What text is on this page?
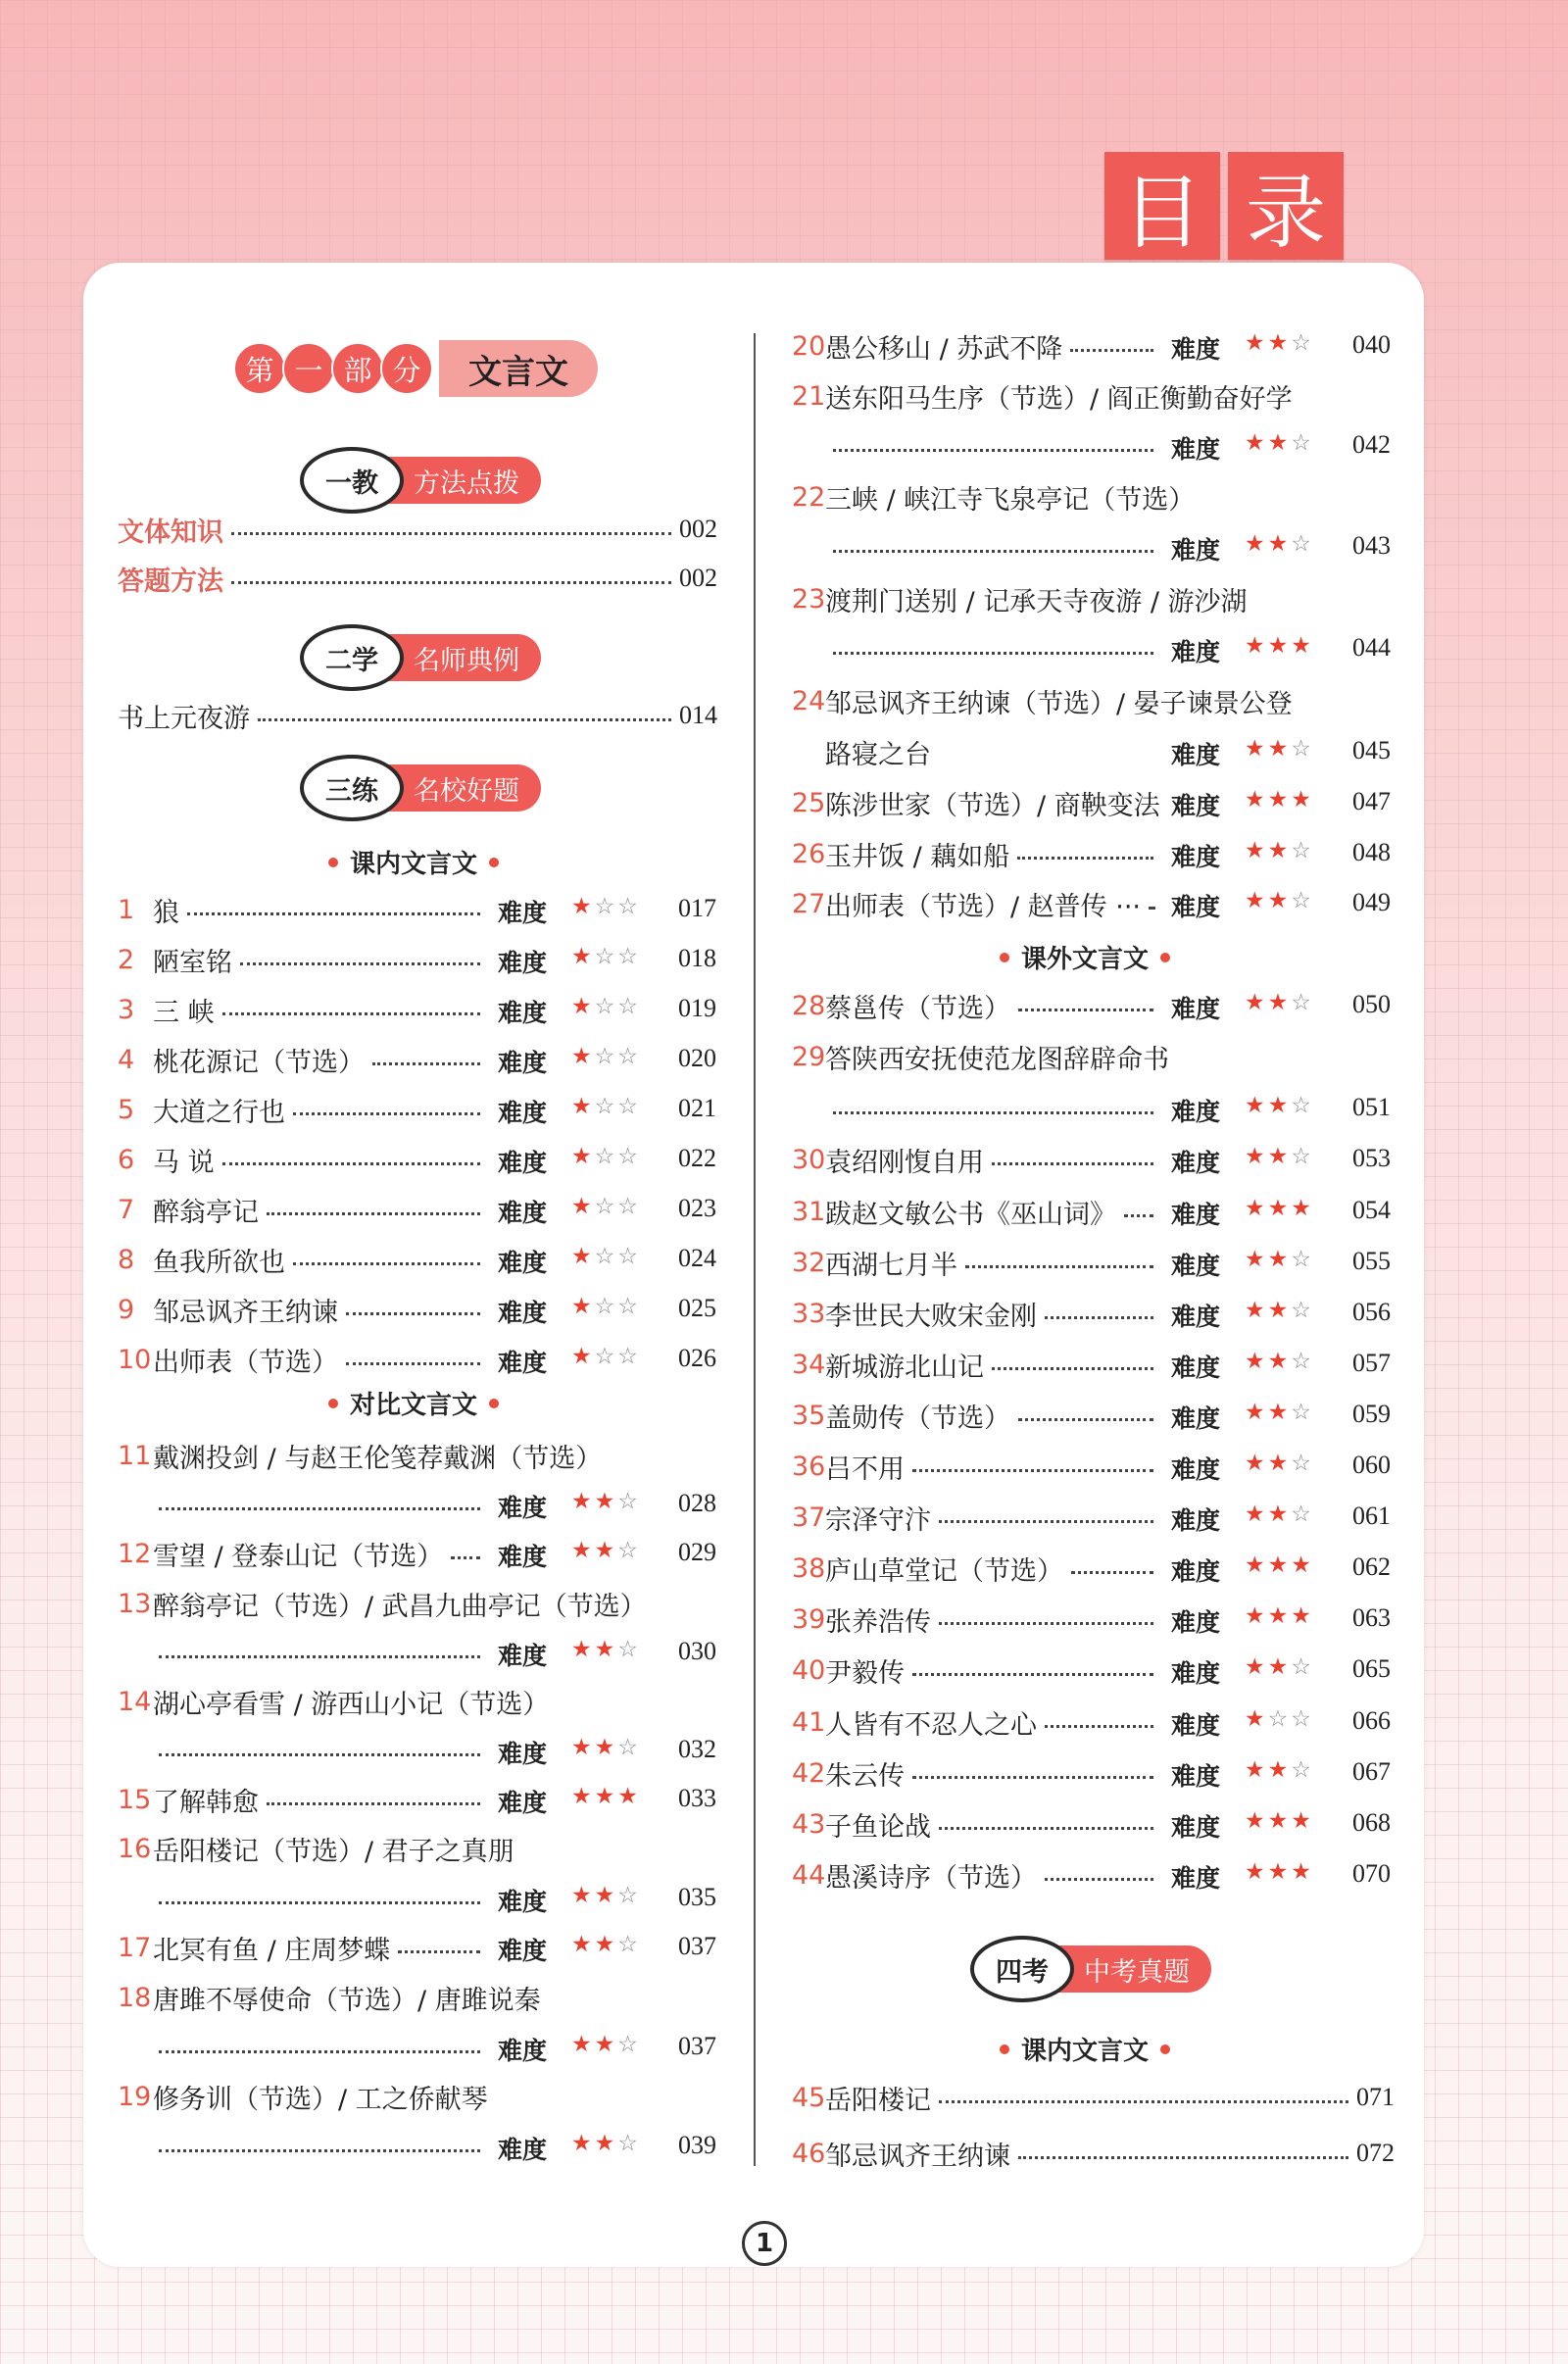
目 录
第 一 部 分	文言文
一教	方法点拨
二学	名师典例
三练	名校好题
四考	中考真题
课内文言文
对比文言文
课外文言文
课内文言文
文体知识	002
答题方法	002
书上元夜游	014
1 狼	难度 ★☆☆ 017
2 陋室铭	难度 ★☆☆ 018
3 三 峡	难度 ★☆☆ 019
4 桃花源记（节选）	难度 ★☆☆ 020
5 大道之行也	难度 ★☆☆ 021
6 马 说	难度 ★☆☆ 022
7 醉翁亭记	难度 ★☆☆ 023
8 鱼我所欲也	难度 ★☆☆ 024
9 邹忌讽齐王纳谏	难度 ★☆☆ 025
10 出师表（节选）	难度 ★☆☆ 026
11 戴渊投剑 / 与赵王伦笺荐戴渊（节选）
难度 ★★☆ 028
12 雪望 / 登泰山记（节选） 难度 ★★☆ 029
13 醉翁亭记（节选）/ 武昌九曲亭记（节选）
难度 ★★☆ 030
14 湖心亭看雪 / 游西山小记（节选）
难度 ★★☆ 032
15 了解韩愈	难度 ★★★ 033
16 岳阳楼记（节选）/ 君子之真朋
难度 ★★☆ 035
17 北冥有鱼 / 庄周梦蝶	难度 ★★☆ 037
18 唐雎不辱使命（节选）/ 唐雎说秦
难度 ★★☆ 037
19 修务训（节选）/ 工之侨献琴
难度 ★★☆ 039
20 愚公移山 / 苏武不降	难度 ★★☆ 040
21 送东阳马生序（节选）/ 阎正衡勤奋好学
难度 ★★☆ 042
22 三峡 / 峡江寺飞泉亭记（节选）
难度 ★★☆ 043
23 渡荆门送别 / 记承天寺夜游 / 游沙湖
难度 ★★★ 044
24 邹忌讽齐王纳谏（节选）/ 晏子谏景公登
路寝之台	难度 ★★☆ 045
25 陈涉世家（节选）/ 商鞅变法 难度 ★★★ 047
26 玉井饭 / 藕如船	难度 ★★☆ 048
27 出师表（节选）/ 赵普传 ··· 难度 ★★☆ 049
28 蔡邕传（节选）	难度 ★★☆ 050
29 答陕西安抚使范龙图辞辟命书
难度 ★★☆ 051
30 袁绍刚愎自用	难度 ★★☆ 053
31 跋赵文敏公书《巫山词》 难度 ★★★ 054
32 西湖七月半	难度 ★★☆ 055
33 李世民大败宋金刚	难度 ★★☆ 056
34 新城游北山记	难度 ★★☆ 057
35 盖勋传（节选）	难度 ★★☆ 059
36 吕不用	难度 ★★☆ 060
37 宗泽守汴	难度 ★★☆ 061
38 庐山草堂记（节选）	难度 ★★★ 062
39 张养浩传	难度 ★★★ 063
40 尹毅传	难度 ★★☆ 065
41 人皆有不忍人之心	难度 ★☆☆ 066
42 朱云传	难度 ★★☆ 067
43 子鱼论战	难度 ★★★ 068
44 愚溪诗序（节选）	难度 ★★★ 070
45 岳阳楼记	071
46 邹忌讽齐王纳谏	072
1
